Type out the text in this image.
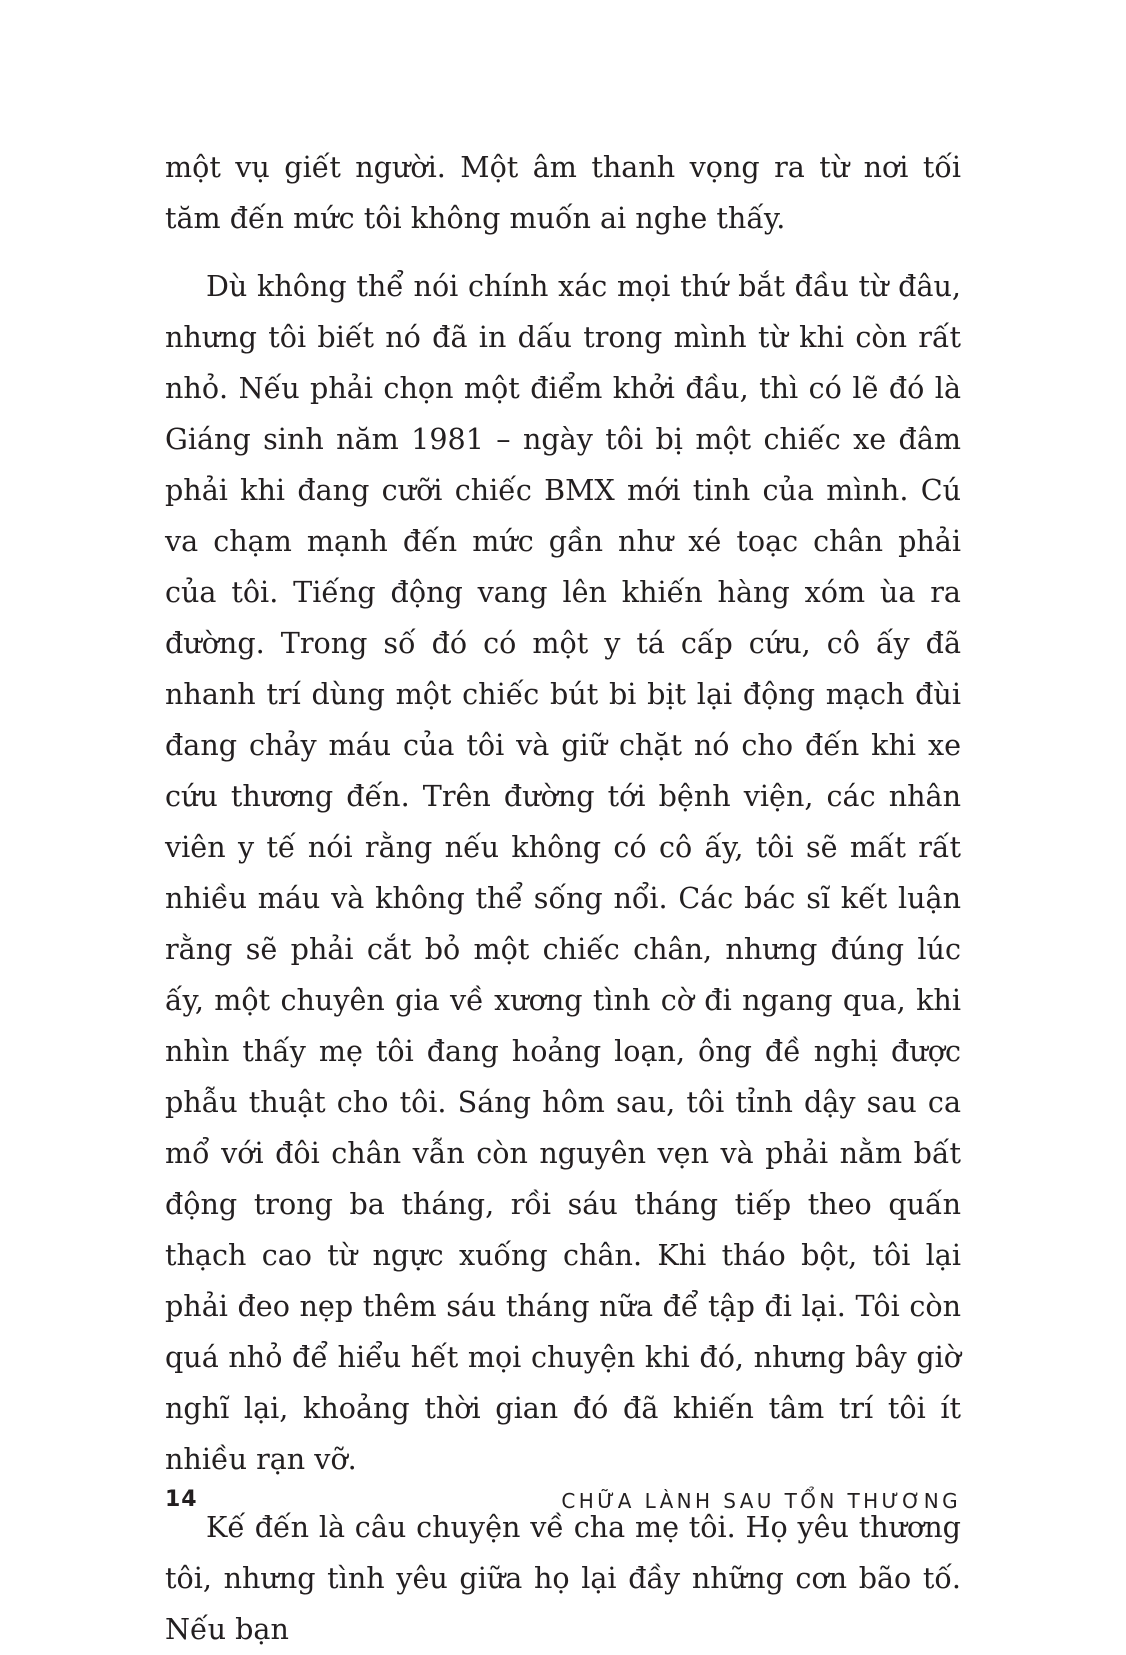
một vụ giết người. Một âm thanh vọng ra từ nơi tối tăm đến mức tôi không muốn ai nghe thấy.

Dù không thể nói chính xác mọi thứ bắt đầu từ đâu, nhưng tôi biết nó đã in dấu trong mình từ khi còn rất nhỏ. Nếu phải chọn một điểm khởi đầu, thì có lẽ đó là Giáng sinh năm 1981 – ngày tôi bị một chiếc xe đâm phải khi đang cưỡi chiếc BMX mới tinh của mình. Cú va chạm mạnh đến mức gần như xé toạc chân phải của tôi. Tiếng động vang lên khiến hàng xóm ùa ra đường. Trong số đó có một y tá cấp cứu, cô ấy đã nhanh trí dùng một chiếc bút bi bịt lại động mạch đùi đang chảy máu của tôi và giữ chặt nó cho đến khi xe cứu thương đến. Trên đường tới bệnh viện, các nhân viên y tế nói rằng nếu không có cô ấy, tôi sẽ mất rất nhiều máu và không thể sống nổi. Các bác sĩ kết luận rằng sẽ phải cắt bỏ một chiếc chân, nhưng đúng lúc ấy, một chuyên gia về xương tình cờ đi ngang qua, khi nhìn thấy mẹ tôi đang hoảng loạn, ông đề nghị được phẫu thuật cho tôi. Sáng hôm sau, tôi tỉnh dậy sau ca mổ với đôi chân vẫn còn nguyên vẹn và phải nằm bất động trong ba tháng, rồi sáu tháng tiếp theo quấn thạch cao từ ngực xuống chân. Khi tháo bột, tôi lại phải đeo nẹp thêm sáu tháng nữa để tập đi lại. Tôi còn quá nhỏ để hiểu hết mọi chuyện khi đó, nhưng bây giờ nghĩ lại, khoảng thời gian đó đã khiến tâm trí tôi ít nhiều rạn vỡ.

Kế đến là câu chuyện về cha mẹ tôi. Họ yêu thương tôi, nhưng tình yêu giữa họ lại đầy những cơn bão tố. Nếu bạn

14	CHỮA LÀNH SAU TỔN THƯƠNG
